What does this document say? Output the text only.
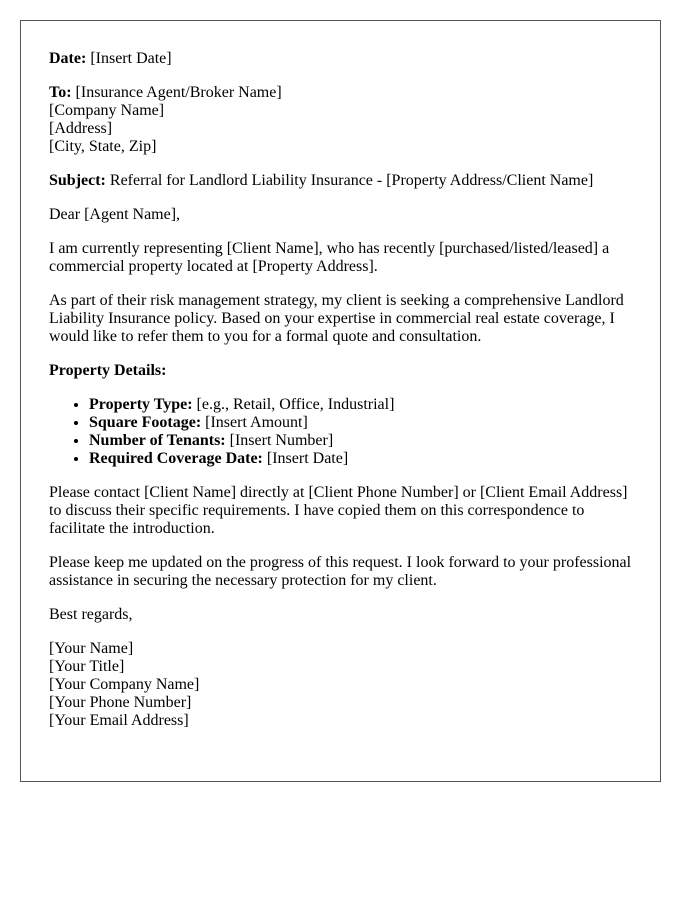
Date: [Insert Date]

To: [Insurance Agent/Broker Name]
[Company Name]
[Address]
[City, State, Zip]

Subject: Referral for Landlord Liability Insurance - [Property Address/Client Name]

Dear [Agent Name],

I am currently representing [Client Name], who has recently [purchased/listed/leased] a commercial property located at [Property Address].

As part of their risk management strategy, my client is seeking a comprehensive Landlord Liability Insurance policy. Based on your expertise in commercial real estate coverage, I would like to refer them to you for a formal quote and consultation.

Property Details:

• Property Type: [e.g., Retail, Office, Industrial]
• Square Footage: [Insert Amount]
• Number of Tenants: [Insert Number]
• Required Coverage Date: [Insert Date]

Please contact [Client Name] directly at [Client Phone Number] or [Client Email Address] to discuss their specific requirements. I have copied them on this correspondence to facilitate the introduction.

Please keep me updated on the progress of this request. I look forward to your professional assistance in securing the necessary protection for my client.

Best regards,

[Your Name]
[Your Title]
[Your Company Name]
[Your Phone Number]
[Your Email Address]
